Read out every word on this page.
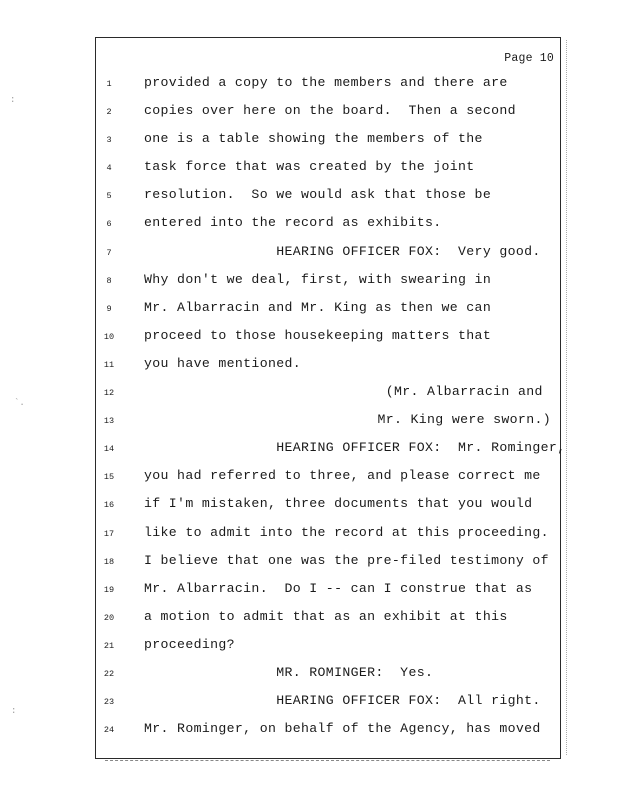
:
`.
:
Page 10
1	provided a copy to the members and there are
2	copies over here on the board.  Then a second
3	one is a table showing the members of the
4	task force that was created by the joint
5	resolution.  So we would ask that those be
6	entered into the record as exhibits.
7	HEARING OFFICER FOX:  Very good.
8	Why don't we deal, first, with swearing in
9	Mr. Albarracin and Mr. King as then we can
10	proceed to those housekeeping matters that
11	you have mentioned.
12	(Mr. Albarracin and
13	Mr. King were sworn.)
14	HEARING OFFICER FOX:  Mr. Rominger,
15	you had referred to three, and please correct me
16	if I'm mistaken, three documents that you would
17	like to admit into the record at this proceeding.
18	I believe that one was the pre-filed testimony of
19	Mr. Albarracin.  Do I -- can I construe that as
20	a motion to admit that as an exhibit at this
21	proceeding?
22	MR. ROMINGER:  Yes.
23	HEARING OFFICER FOX:  All right.
24	Mr. Rominger, on behalf of the Agency, has moved
